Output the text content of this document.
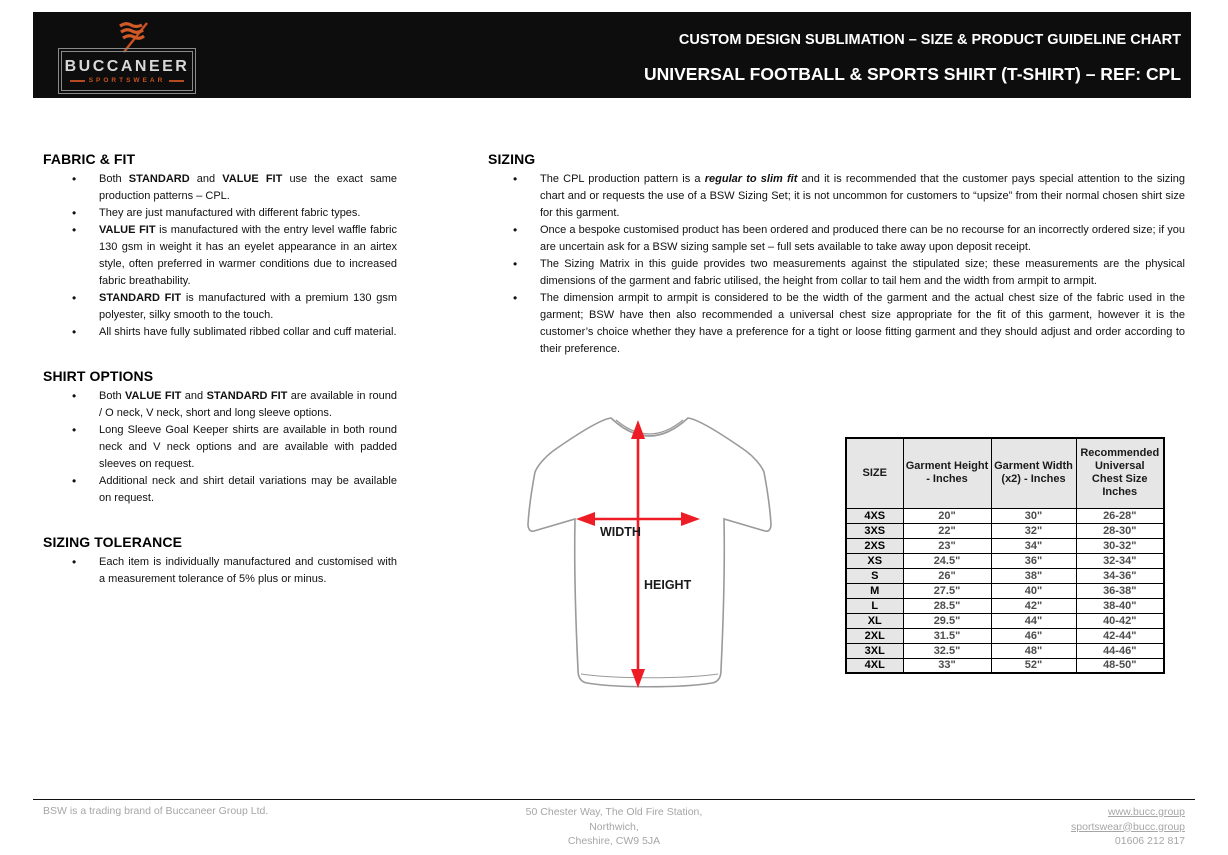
BUCCANEER
SPORTSWEAR
CUSTOM DESIGN SUBLIMATION – SIZE & PRODUCT GUIDELINE CHART
UNIVERSAL FOOTBALL & SPORTS SHIRT (T-SHIRT) – REF: CPL
FABRIC & FIT
• Both STANDARD and VALUE FIT use the exact same production patterns – CPL.
• They are just manufactured with different fabric types.
• VALUE FIT is manufactured with the entry level waffle fabric 130 gsm in weight it has an eyelet appearance in an airtex style, often preferred in warmer conditions due to increased fabric breathability.
• STANDARD FIT is manufactured with a premium 130 gsm polyester, silky smooth to the touch.
• All shirts have fully sublimated ribbed collar and cuff material.
SHIRT OPTIONS
• Both VALUE FIT and STANDARD FIT are available in round / O neck, V neck, short and long sleeve options.
• Long Sleeve Goal Keeper shirts are available in both round neck and V neck options and are available with padded sleeves on request.
• Additional neck and shirt detail variations may be available on request.
SIZING TOLERANCE
• Each item is individually manufactured and customised with a measurement tolerance of 5% plus or minus.
SIZING
• The CPL production pattern is a regular to slim fit and it is recommended that the customer pays special attention to the sizing chart and or requests the use of a BSW Sizing Set; it is not uncommon for customers to “upsize” from their normal chosen shirt size for this garment.
• Once a bespoke customised product has been ordered and produced there can be no recourse for an incorrectly ordered size; if you are uncertain ask for a BSW sizing sample set – full sets available to take away upon deposit receipt.
• The Sizing Matrix in this guide provides two measurements against the stipulated size; these measurements are the physical dimensions of the garment and fabric utilised, the height from collar to tail hem and the width from armpit to armpit.
• The dimension armpit to armpit is considered to be the width of the garment and the actual chest size of the fabric used in the garment; BSW have then also recommended a universal chest size appropriate for the fit of this garment, however it is the customer’s choice whether they have a preference for a tight or loose fitting garment and they should adjust and order according to their preference.
WIDTH
HEIGHT
SIZE	Garment Height - Inches	Garment Width (x2) - Inches	Recommended Universal Chest Size Inches
4XS	20"	30"	26-28"
3XS	22"	32"	28-30"
2XS	23"	34"	30-32"
XS	24.5"	36"	32-34"
S	26"	38"	34-36"
M	27.5"	40"	36-38"
L	28.5"	42"	38-40"
XL	29.5"	44"	40-42"
2XL	31.5"	46"	42-44"
3XL	32.5"	48"	44-46"
4XL	33"	52"	48-50"
BSW is a trading brand of Buccaneer Group Ltd.	50 Chester Way, The Old Fire Station,
Northwich,
Cheshire, CW9 5JA
www.bucc.group
sportswear@bucc.group
01606 212 817
